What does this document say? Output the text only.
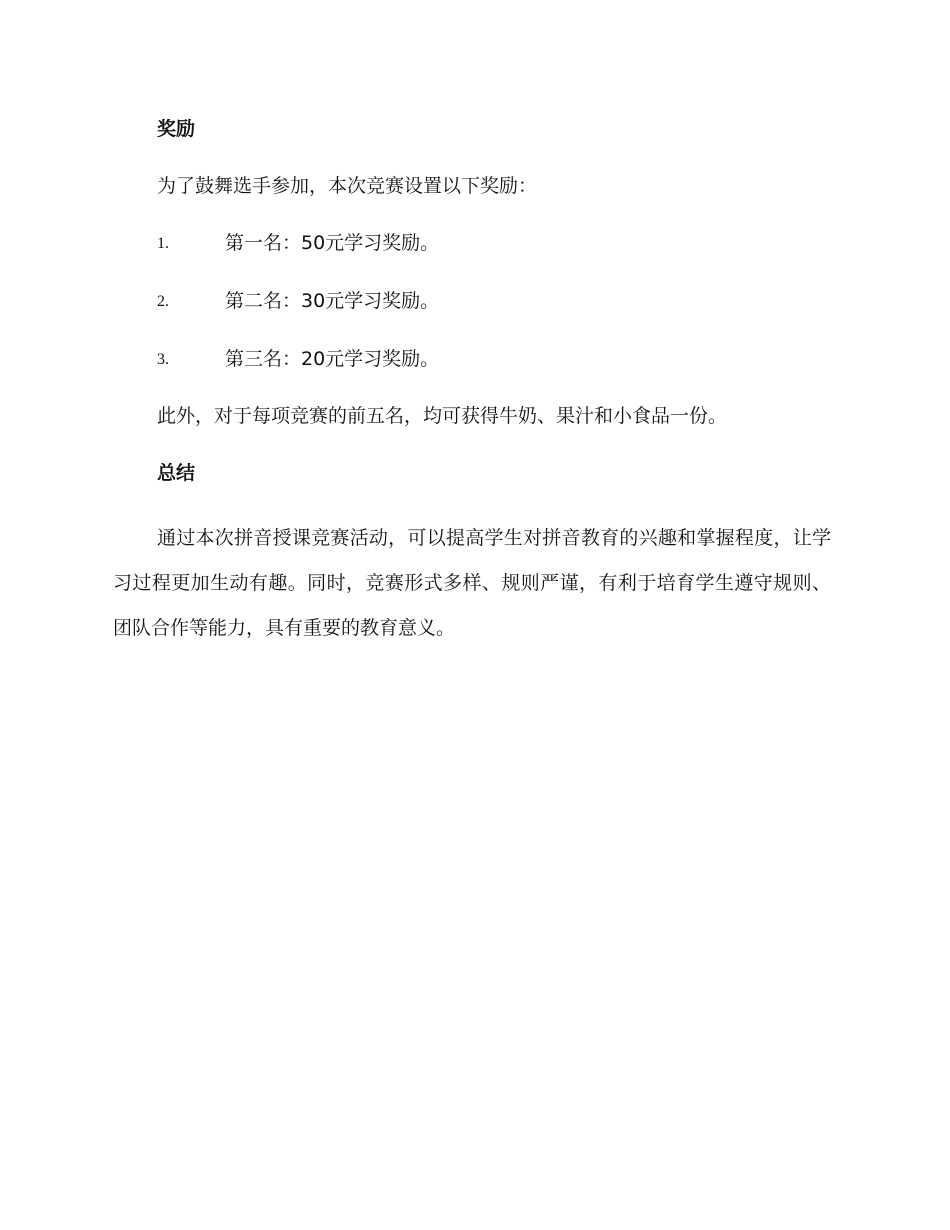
奖励
为了鼓舞选手参加，本次竞赛设置以下奖励：
1.	第一名：50元学习奖励。
2.	第二名：30元学习奖励。
3.	第三名：20元学习奖励。
此外，对于每项竞赛的前五名，均可获得牛奶、果汁和小食品一份。
总结
通过本次拼音授课竞赛活动，可以提高学生对拼音教育的兴趣和掌握程度，让学习过程更加生动有趣。同时，竞赛形式多样、规则严谨，有利于培育学生遵守规则、团队合作等能力，具有重要的教育意义。
